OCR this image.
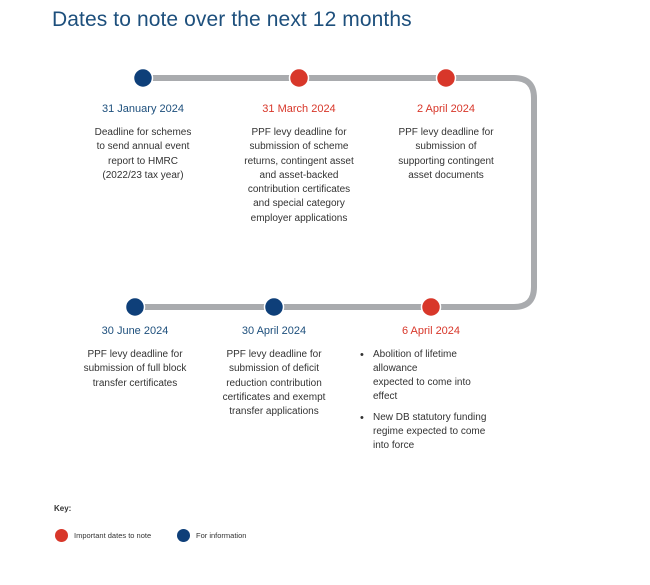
Dates to note over the next 12 months
31 January 2024
Deadline for schemes
to send annual event
report to HMRC
(2022/23 tax year)
31 March 2024
PPF levy deadline for
submission of scheme
returns, contingent asset
and asset-backed
contribution certificates
and special category
employer applications
2 April 2024
PPF levy deadline for
submission of
supporting contingent
asset documents
6 April 2024
• Abolition of lifetime
allowance
expected to come into
effect
• New DB statutory funding
regime expected to come
into force
30 April 2024
PPF levy deadline for
submission of deficit
reduction contribution
certificates and exempt
transfer applications
30 June 2024
PPF levy deadline for
submission of full block
transfer certificates
Key:
Important dates to note	For information
